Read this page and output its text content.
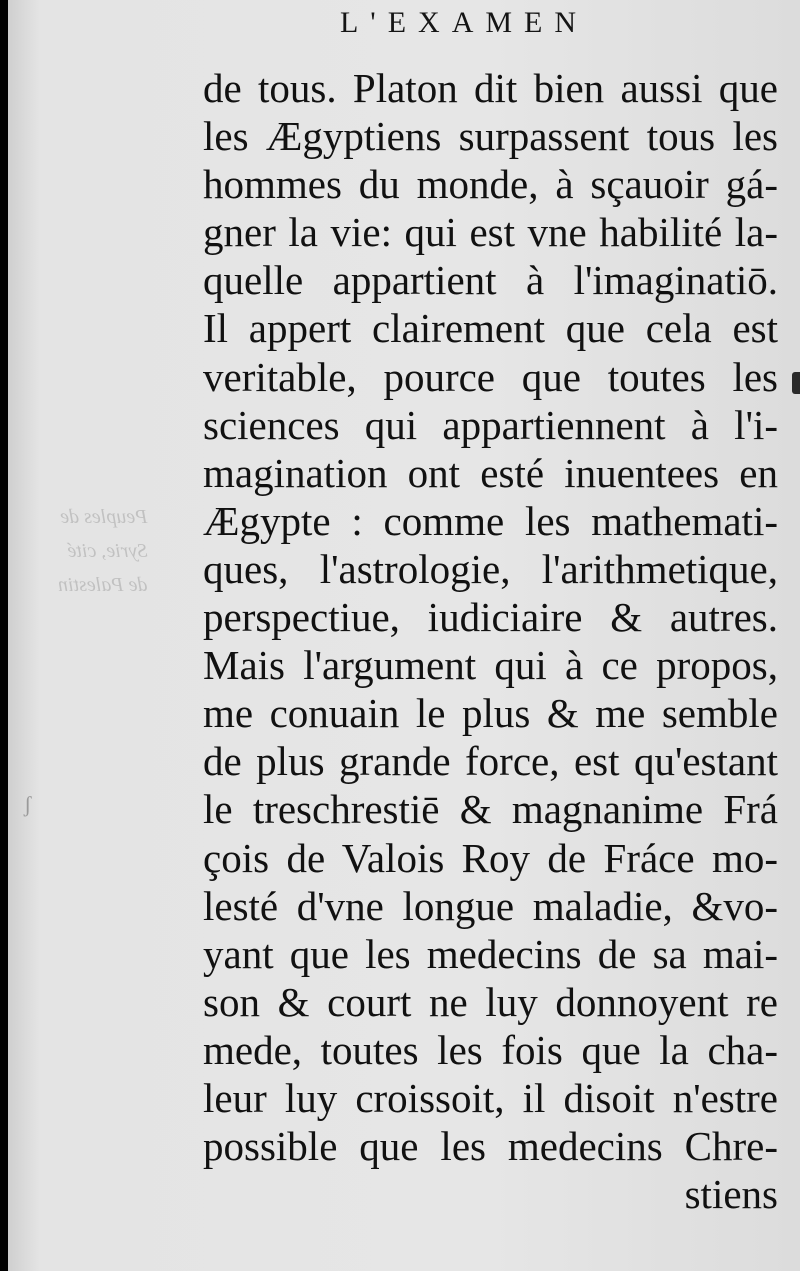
Peuples de
Syrie, cité
de Palestin
L'EXAMEN
de tous. Platon dit bien aussi que
les Ægyptiens surpassent tous les
hommes du monde, à sçauoir gá-
gner la vie: qui est vne habilité la-
quelle appartient à l'imaginatiō.
Il appert clairement que cela est
veritable, pource que toutes les
sciences qui appartiennent à l'i-
magination ont esté inuentees en
Ægypte : comme les mathemati-
ques, l'astrologie, l'arithmetique,
perspectiue, iudiciaire & autres.
Mais l'argument qui à ce propos,
me conuain le plus & me semble
de plus grande force, est qu'estant
le treschrestiē & magnanime Frá
çois de Valois Roy de Fráce mo-
lesté d'vne longue maladie, &vo-
yant que les medecins de sa mai-
son & court ne luy donnoyent re
mede, toutes les fois que la cha-
leur luy croissoit, il disoit n'estre
possible que les medecins Chre-
stiens
ʃ
